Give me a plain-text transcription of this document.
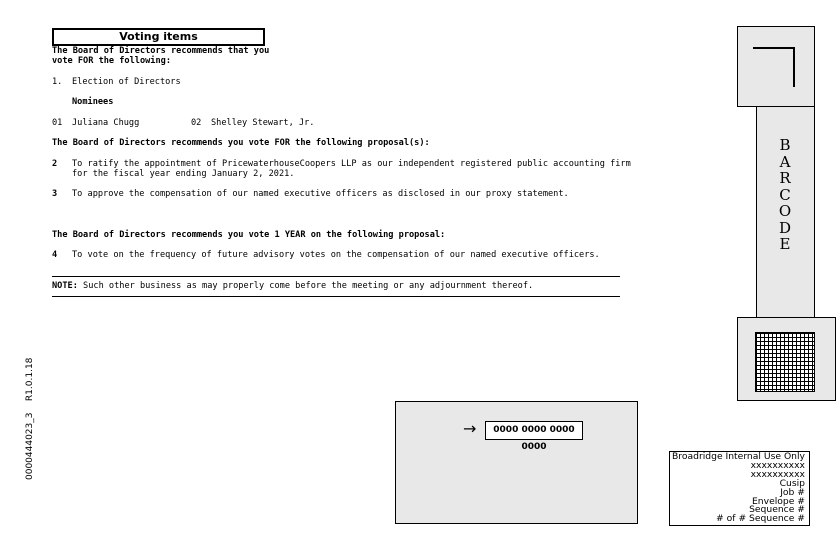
Voting items
The Board of Directors recommends that you
vote FOR the following:
1. Election of Directors
Nominees
01 Juliana Chugg	02 Shelley Stewart, Jr.
The Board of Directors recommends you vote FOR the following proposal(s):
2 To ratify the appointment of PricewaterhouseCoopers LLP as our independent registered public accounting firm
for the fiscal year ending January 2, 2021.
3 To approve the compensation of our named executive officers as disclosed in our proxy statement.
The Board of Directors recommends you vote 1 YEAR on the following proposal:
4 To vote on the frequency of future advisory votes on the compensation of our named executive officers.
NOTE: Such other business as may properly come before the meeting or any adjournment thereof.
B
A
R
C
O
D
E
→	0000 0000 0000 0000
Broadridge Internal Use Only
xxxxxxxxxx
xxxxxxxxxx
Cusip
Job #
Envelope #
Sequence #
# of # Sequence #
0000444023_3    R1.0.1.18
